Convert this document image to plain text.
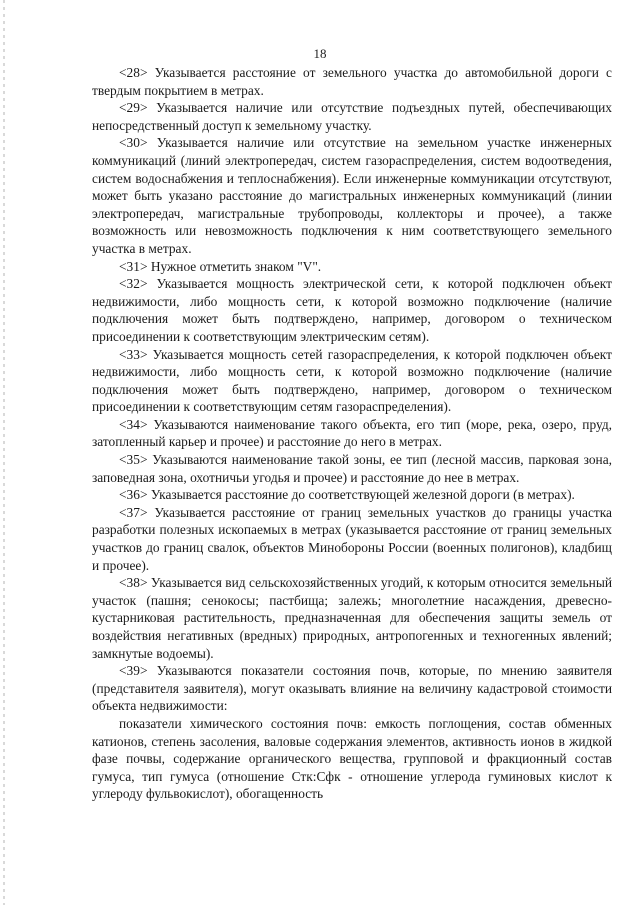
18

<28> Указывается расстояние от земельного участка до автомобильной дороги с твердым покрытием в метрах.

<29> Указывается наличие или отсутствие подъездных путей, обеспечивающих непосредственный доступ к земельному участку.

<30> Указывается наличие или отсутствие на земельном участке инженерных коммуникаций (линий электропередач, систем газораспределения, систем водоотведения, систем водоснабжения и теплоснабжения). Если инженерные коммуникации отсутствуют, может быть указано расстояние до магистральных инженерных коммуникаций (линии электропередач, магистральные трубопроводы, коллекторы и прочее), а также возможность или невозможность подключения к ним соответствующего земельного участка в метрах.

<31> Нужное отметить знаком "V".

<32> Указывается мощность электрической сети, к которой подключен объект недвижимости, либо мощность сети, к которой возможно подключение (наличие подключения может быть подтверждено, например, договором о техническом присоединении к соответствующим электрическим сетям).

<33> Указывается мощность сетей газораспределения, к которой подключен объект недвижимости, либо мощность сети, к которой возможно подключение (наличие подключения может быть подтверждено, например, договором о техническом присоединении к соответствующим сетям газораспределения).

<34> Указываются наименование такого объекта, его тип (море, река, озеро, пруд, затопленный карьер и прочее) и расстояние до него в метрах.

<35> Указываются наименование такой зоны, ее тип (лесной массив, парковая зона, заповедная зона, охотничьи угодья и прочее) и расстояние до нее в метрах.

<36> Указывается расстояние до соответствующей железной дороги (в метрах).

<37> Указывается расстояние от границ земельных участков до границы участка разработки полезных ископаемых в метрах (указывается расстояние от границ земельных участков до границ свалок, объектов Минобороны России (военных полигонов), кладбищ и прочее).

<38> Указывается вид сельскохозяйственных угодий, к которым относится земельный участок (пашня; сенокосы; пастбища; залежь; многолетние насаждения, древесно-кустарниковая растительность, предназначенная для обеспечения защиты земель от воздействия негативных (вредных) природных, антропогенных и техногенных явлений; замкнутые водоемы).

<39> Указываются показатели состояния почв, которые, по мнению заявителя (представителя заявителя), могут оказывать влияние на величину кадастровой стоимости объекта недвижимости:

показатели химического состояния почв: емкость поглощения, состав обменных катионов, степень засоления, валовые содержания элементов, активность ионов в жидкой фазе почвы, содержание органического вещества, групповой и фракционный состав гумуса, тип гумуса (отношение Стк:Сфк - отношение углерода гуминовых кислот к углероду фульвокислот), обогащенность
